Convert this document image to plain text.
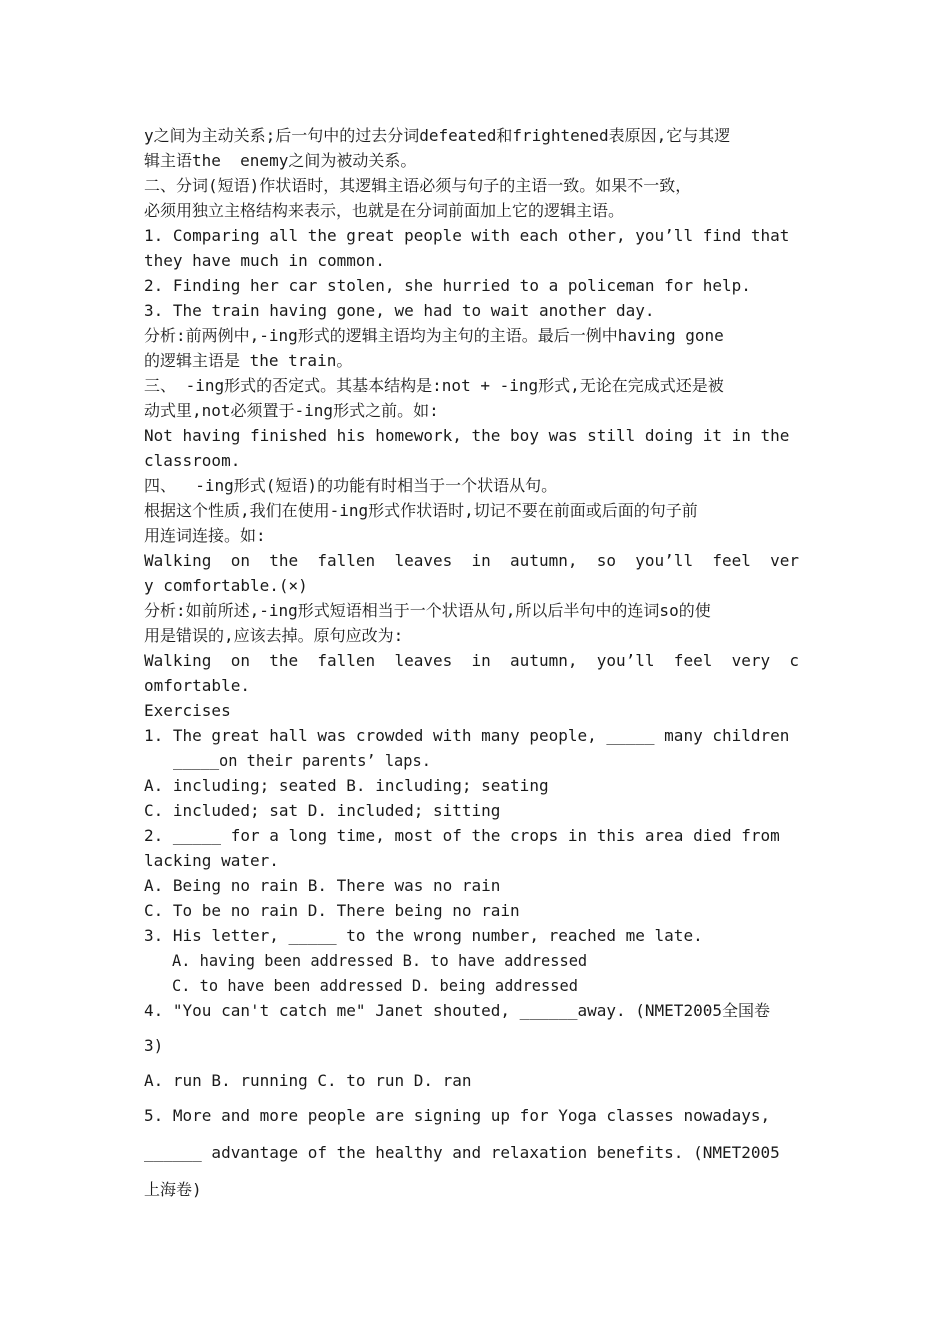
y之间为主动关系;后一句中的过去分词defeated和frightened表原因,它与其逻
辑主语the  enemy之间为被动关系。
二、分词(短语)作状语时，其逻辑主语必须与句子的主语一致。如果不一致，
必须用独立主格结构来表示，也就是在分词前面加上它的逻辑主语。
1. Comparing all the great people with each other, you’ll find that
they have much in common.
2. Finding her car stolen, she hurried to a policeman for help.
3. The train having gone, we had to wait another day.
分析:前两例中,-ing形式的逻辑主语均为主句的主语。最后一例中having gone
的逻辑主语是 the train。
三、 -ing形式的否定式。其基本结构是:not + -ing形式,无论在完成式还是被
动式里,not必须置于-ing形式之前。如:
Not having finished his homework, the boy was still doing it in the
classroom.
四、  -ing形式(短语)的功能有时相当于一个状语从句。
根据这个性质,我们在使用-ing形式作状语时,切记不要在前面或后面的句子前
用连词连接。如:
Walking  on  the  fallen  leaves  in  autumn,  so  you’ll  feel  ver
y comfortable.(×)
分析:如前所述,-ing形式短语相当于一个状语从句,所以后半句中的连词so的使
用是错误的,应该去掉。原句应改为:
Walking  on  the  fallen  leaves  in  autumn,  you’ll  feel  very  c
omfortable.
Exercises
1. The great hall was crowded with many people, _____ many children
_____on their parents’ laps.
A. including; seated B. including; seating
C. included; sat D. included; sitting
2. _____ for a long time, most of the crops in this area died from
lacking water.
A. Being no rain B. There was no rain
C. To be no rain D. There being no rain
3. His letter, _____ to the wrong number, reached me late.
A. having been addressed B. to have addressed
C. to have been addressed D. being addressed
4. "You can't catch me" Janet shouted, ______away. (NMET2005全国卷
3)
A. run B. running C. to run D. ran
5. More and more people are signing up for Yoga classes nowadays,
______ advantage of the healthy and relaxation benefits. (NMET2005
上海卷)
